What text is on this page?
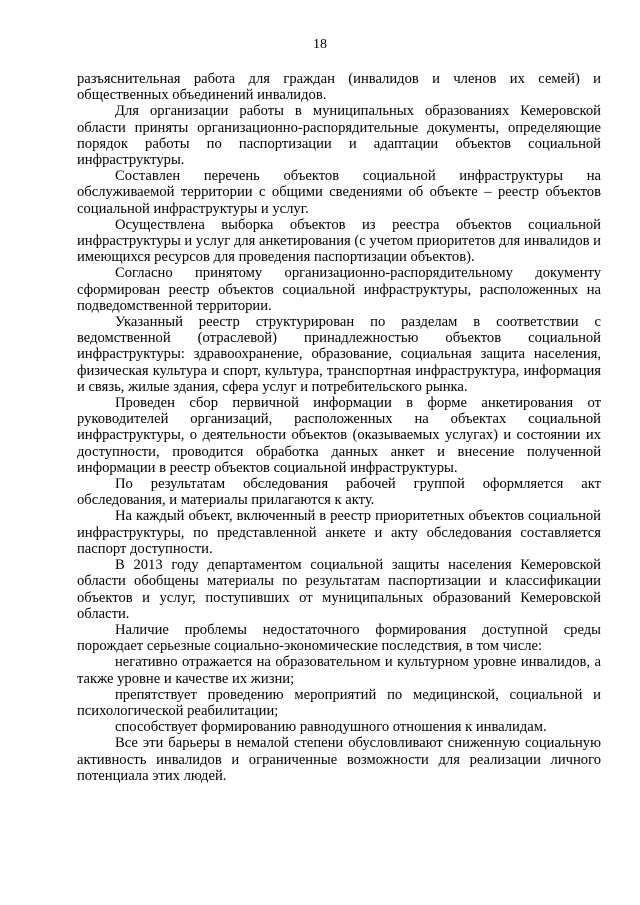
18

разъяснительная работа для граждан (инвалидов и членов их семей) и общественных объединений инвалидов.

Для организации работы в муниципальных образованиях Кемеровской области приняты организационно-распорядительные документы, определяющие порядок работы по паспортизации и адаптации объектов социальной инфраструктуры.

Составлен перечень объектов социальной инфраструктуры на обслуживаемой территории с общими сведениями об объекте – реестр объектов социальной инфраструктуры и услуг.

Осуществлена выборка объектов из реестра объектов социальной инфраструктуры и услуг для анкетирования (с учетом приоритетов для инвалидов и имеющихся ресурсов для проведения паспортизации объектов).

Согласно принятому организационно-распорядительному документу сформирован реестр объектов социальной инфраструктуры, расположенных на подведомственной территории.

Указанный реестр структурирован по разделам в соответствии с ведомственной (отраслевой) принадлежностью объектов социальной инфраструктуры: здравоохранение, образование, социальная защита населения, физическая культура и спорт, культура, транспортная инфраструктура, информация и связь, жилые здания, сфера услуг и потребительского рынка.

Проведен сбор первичной информации в форме анкетирования от руководителей организаций, расположенных на объектах социальной инфраструктуры, о деятельности объектов (оказываемых услугах) и состоянии их доступности, проводится обработка данных анкет и внесение полученной информации в реестр объектов социальной инфраструктуры.

По результатам обследования рабочей группой оформляется акт обследования, и материалы прилагаются к акту.

На каждый объект, включенный в реестр приоритетных объектов социальной инфраструктуры, по представленной анкете и акту обследования составляется паспорт доступности.

В 2013 году департаментом социальной защиты населения Кемеровской области обобщены материалы по результатам паспортизации и классификации объектов и услуг, поступивших от муниципальных образований Кемеровской области.

Наличие проблемы недостаточного формирования доступной среды порождает серьезные социально-экономические последствия, в том числе:

негативно отражается на образовательном и культурном уровне инвалидов, а также уровне и качестве их жизни;

препятствует проведению мероприятий по медицинской, социальной и психологической реабилитации;

способствует формированию равнодушного отношения к инвалидам.

Все эти барьеры в немалой степени обусловливают сниженную социальную активность инвалидов и ограниченные возможности для реализации личного потенциала этих людей.
